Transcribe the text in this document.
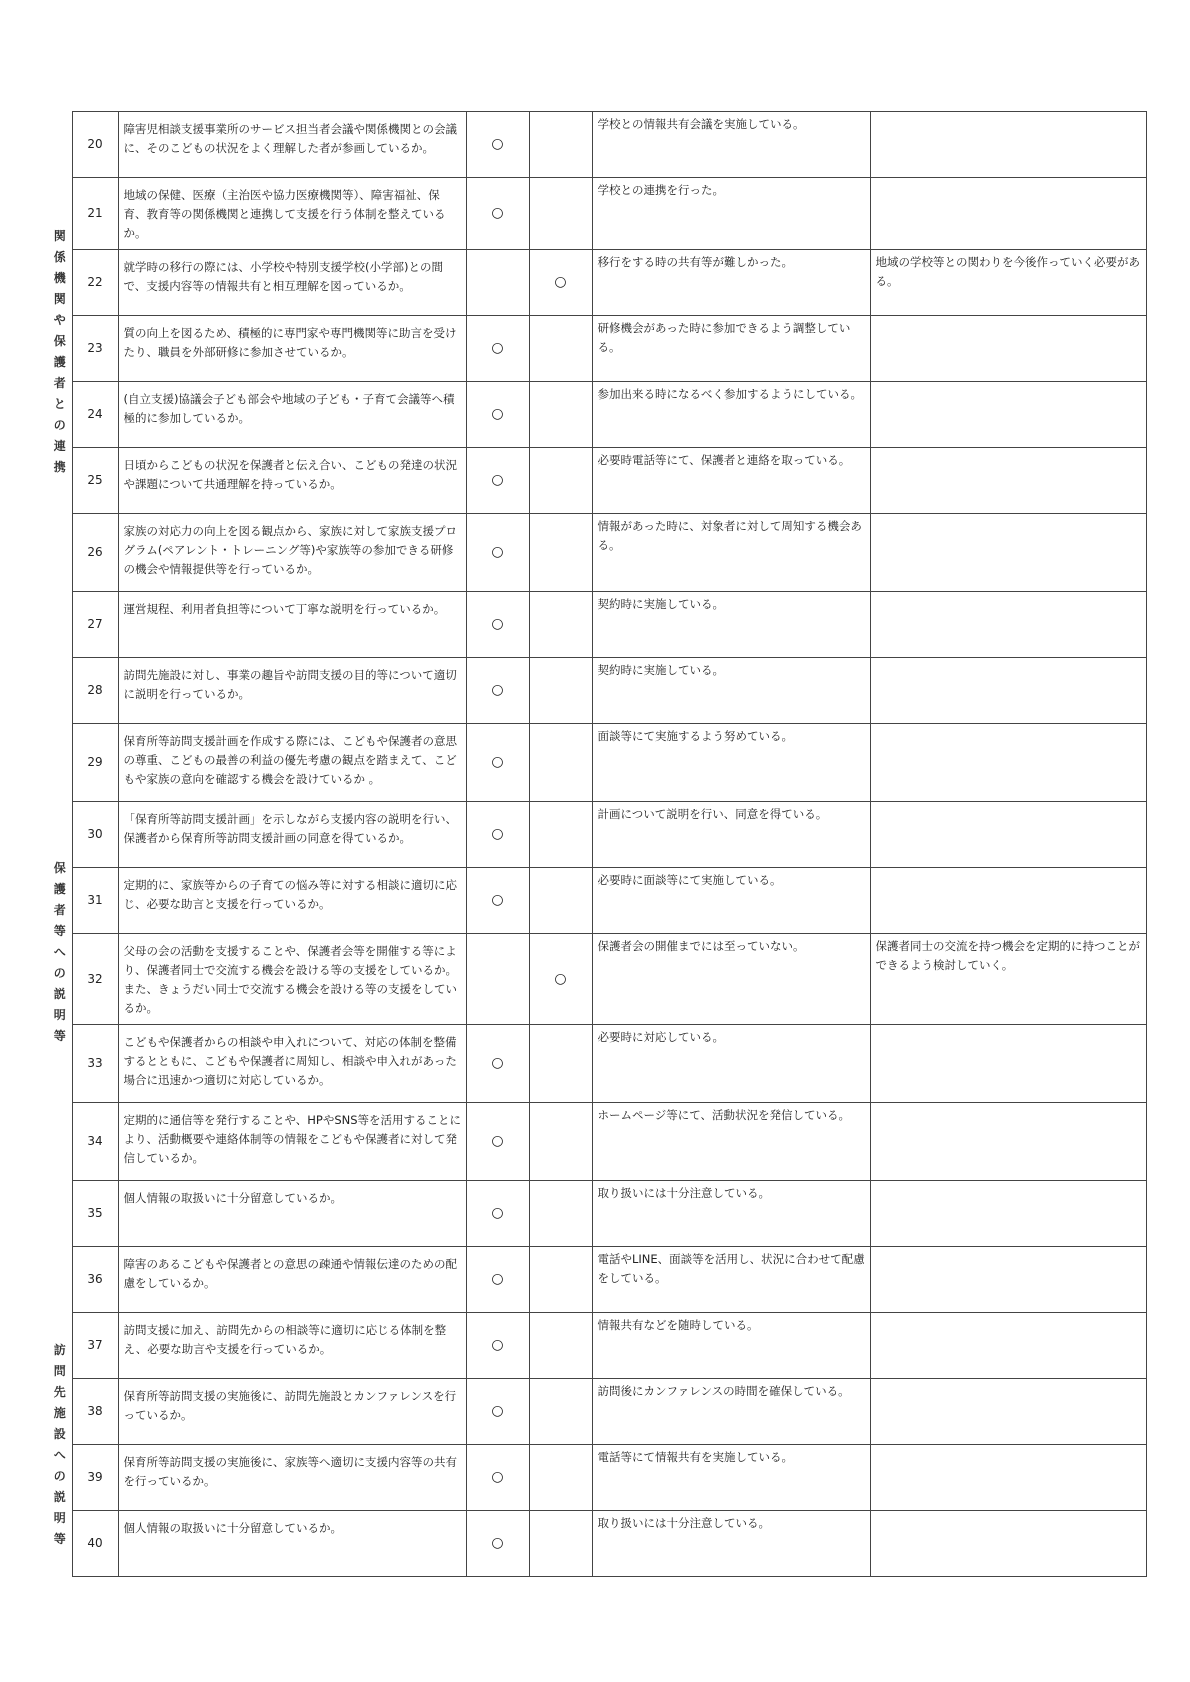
関係機関や保護者との連携	20	障害児相談支援事業所のサービス担当者会議や関係機関との会議に、そのこどもの状況をよく理解した者が参画しているか。	○		学校との情報共有会議を実施している。	
	21	地域の保健、医療（主治医や協力医療機関等）、障害福祉、保育、教育等の関係機関と連携して支援を行う体制を整えているか。	○		学校との連携を行った。	
	22	就学時の移行の際には、小学校や特別支援学校(小学部)との間で、支援内容等の情報共有と相互理解を図っているか。		○	移行をする時の共有等が難しかった。	地域の学校等との関わりを今後作っていく必要がある。
	23	質の向上を図るため、積極的に専門家や専門機関等に助言を受けたり、職員を外部研修に参加させているか。	○		研修機会があった時に参加できるよう調整している。	
	24	(自立支援)協議会子ども部会や地域の子ども・子育て会議等へ積極的に参加しているか。	○		参加出来る時になるべく参加するようにしている。	
	25	日頃からこどもの状況を保護者と伝え合い、こどもの発達の状況や課題について共通理解を持っているか。	○		必要時電話等にて、保護者と連絡を取っている。	
	26	家族の対応力の向上を図る観点から、家族に対して家族支援プログラム(ペアレント・トレーニング等)や家族等の参加できる研修の機会や情報提供等を行っているか。	○		情報があった時に、対象者に対して周知する機会ある。	
保護者等への説明等	27	運営規程、利用者負担等について丁寧な説明を行っているか。	○		契約時に実施している。	
	28	訪問先施設に対し、事業の趣旨や訪問支援の目的等について適切に説明を行っているか。	○		契約時に実施している。	
	29	保育所等訪問支援計画を作成する際には、こどもや保護者の意思の尊重、こどもの最善の利益の優先考慮の観点を踏まえて、こどもや家族の意向を確認する機会を設けているか 。	○		面談等にて実施するよう努めている。	
	30	「保育所等訪問支援計画」を示しながら支援内容の説明を行い、保護者から保育所等訪問支援計画の同意を得ているか。	○		計画について説明を行い、同意を得ている。	
	31	定期的に、家族等からの子育ての悩み等に対する相談に適切に応じ、必要な助言と支援を行っているか。	○		必要時に面談等にて実施している。	
	32	父母の会の活動を支援することや、保護者会等を開催する等により、保護者同士で交流する機会を設ける等の支援をしているか。また、きょうだい同士で交流する機会を設ける等の支援をしているか。		○	保護者会の開催までには至っていない。	保護者同士の交流を持つ機会を定期的に持つことができるよう検討していく。
	33	こどもや保護者からの相談や申入れについて、対応の体制を整備するとともに、こどもや保護者に周知し、相談や申入れがあった場合に迅速かつ適切に対応しているか。	○		必要時に対応している。	
	34	定期的に通信等を発行することや、HPやSNS等を活用することにより、活動概要や連絡体制等の情報をこどもや保護者に対して発信しているか。	○		ホームページ等にて、活動状況を発信している。	
	35	個人情報の取扱いに十分留意しているか。	○		取り扱いには十分注意している。	
	36	障害のあるこどもや保護者との意思の疎通や情報伝達のための配慮をしているか。	○		電話やLINE、面談等を活用し、状況に合わせて配慮をしている。	
訪問先施設への説明等	37	訪問支援に加え、訪問先からの相談等に適切に応じる体制を整え、必要な助言や支援を行っているか。	○		情報共有などを随時している。	
	38	保育所等訪問支援の実施後に、訪問先施設とカンファレンスを行っているか。	○		訪問後にカンファレンスの時間を確保している。	
	39	保育所等訪問支援の実施後に、家族等へ適切に支援内容等の共有を行っているか。	○		電話等にて情報共有を実施している。	
	40	個人情報の取扱いに十分留意しているか。	○		取り扱いには十分注意している。	
